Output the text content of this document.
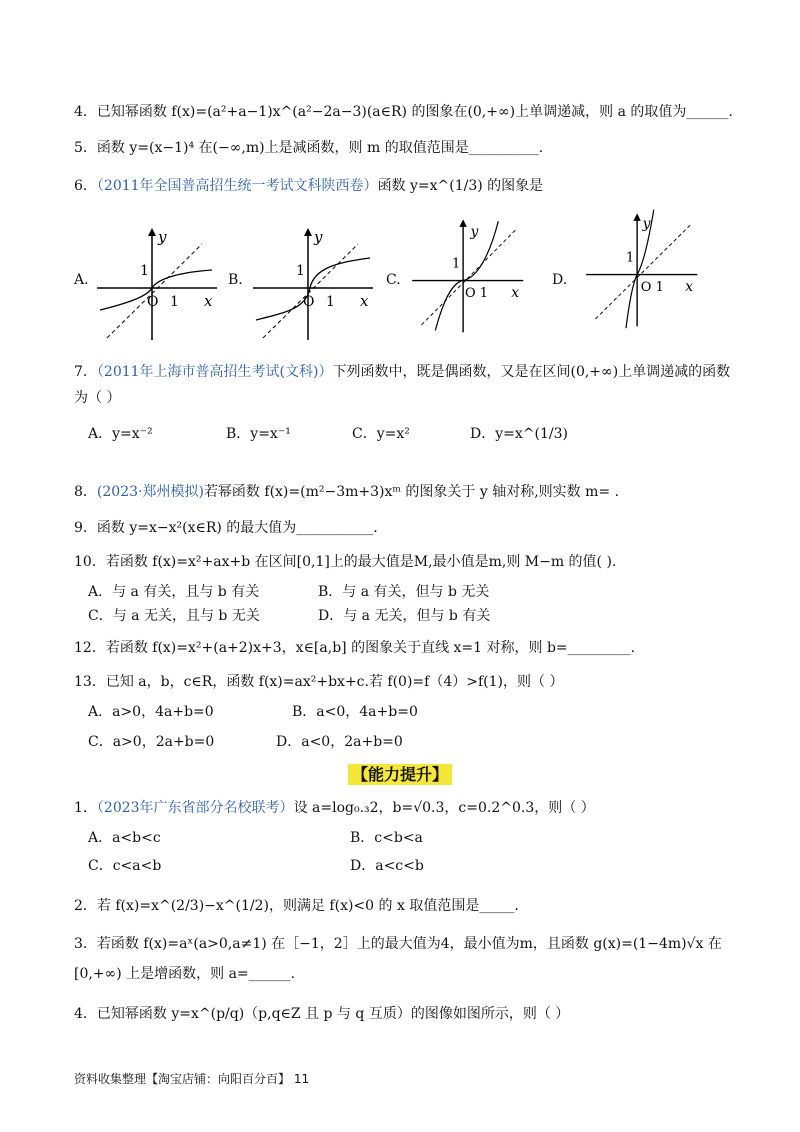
4．已知幂函数 f(x)=(a²+a−1)x^(a²−2a−3)(a∈R) 的图象在(0,+∞)上单调递减，则 a 的取值为______.
5．函数 y=(x−1)⁴ 在(−∞,m)上是减函数，则 m 的取值范围是__________.
6．（2011年全国普高招生统一考试文科陕西卷）函数 y=x^(1/3) 的图象是
A.
y
x
1
O 1
B.
y
x
1
O 1
C.
y
x
1
O 1
D.
y
x
1
O 1
7．（2011年上海市普高招生考试(文科)）下列函数中，既是偶函数，又是在区间(0,+∞)上单调递减的函数
为（ ）
A．y=x⁻²	B．y=x⁻¹	C．y=x²	D．y=x^(1/3)
8．(2023·郑州模拟)若幂函数 f(x)=(m²−3m+3)xᵐ 的图象关于 y 轴对称,则实数 m= .
9．函数 y=x−x²(x∈R) 的最大值为___________.
10．若函数 f(x)=x²+ax+b 在区间[0,1]上的最大值是M,最小值是m,则 M−m 的值( ).
A．与 a 有关，且与 b 有关	B．与 a 有关，但与 b 无关
C．与 a 无关，且与 b 无关	D．与 a 无关，但与 b 有关
12．若函数 f(x)=x²+(a+2)x+3，x∈[a,b] 的图象关于直线 x=1 对称，则 b=_________.
13．已知 a，b，c∈R，函数 f(x)=ax²+bx+c.若 f(0)=f（4）>f(1)，则（ ）
A．a>0，4a+b=0	B．a<0，4a+b=0
C．a>0，2a+b=0	D．a<0，2a+b=0
【能力提升】
1．（2023年广东省部分名校联考）设 a=log₀.₃2，b=√0.3，c=0.2^0.3，则（ ）
A．a<b<c	B．c<b<a
C．c<a<b	D．a<c<b
2．若 f(x)=x^(2/3)−x^(1/2)，则满足 f(x)<0 的 x 取值范围是_____.
3．若函数 f(x)=aˣ(a>0,a≠1) 在［−1，2］上的最大值为4，最小值为m，且函数 g(x)=(1−4m)√x 在
[0,+∞) 上是增函数，则 a=______.
4．已知幂函数 y=x^(p/q)（p,q∈Z 且 p 与 q 互质）的图像如图所示，则（ ）
资料收集整理【淘宝店铺：向阳百分百】 11
